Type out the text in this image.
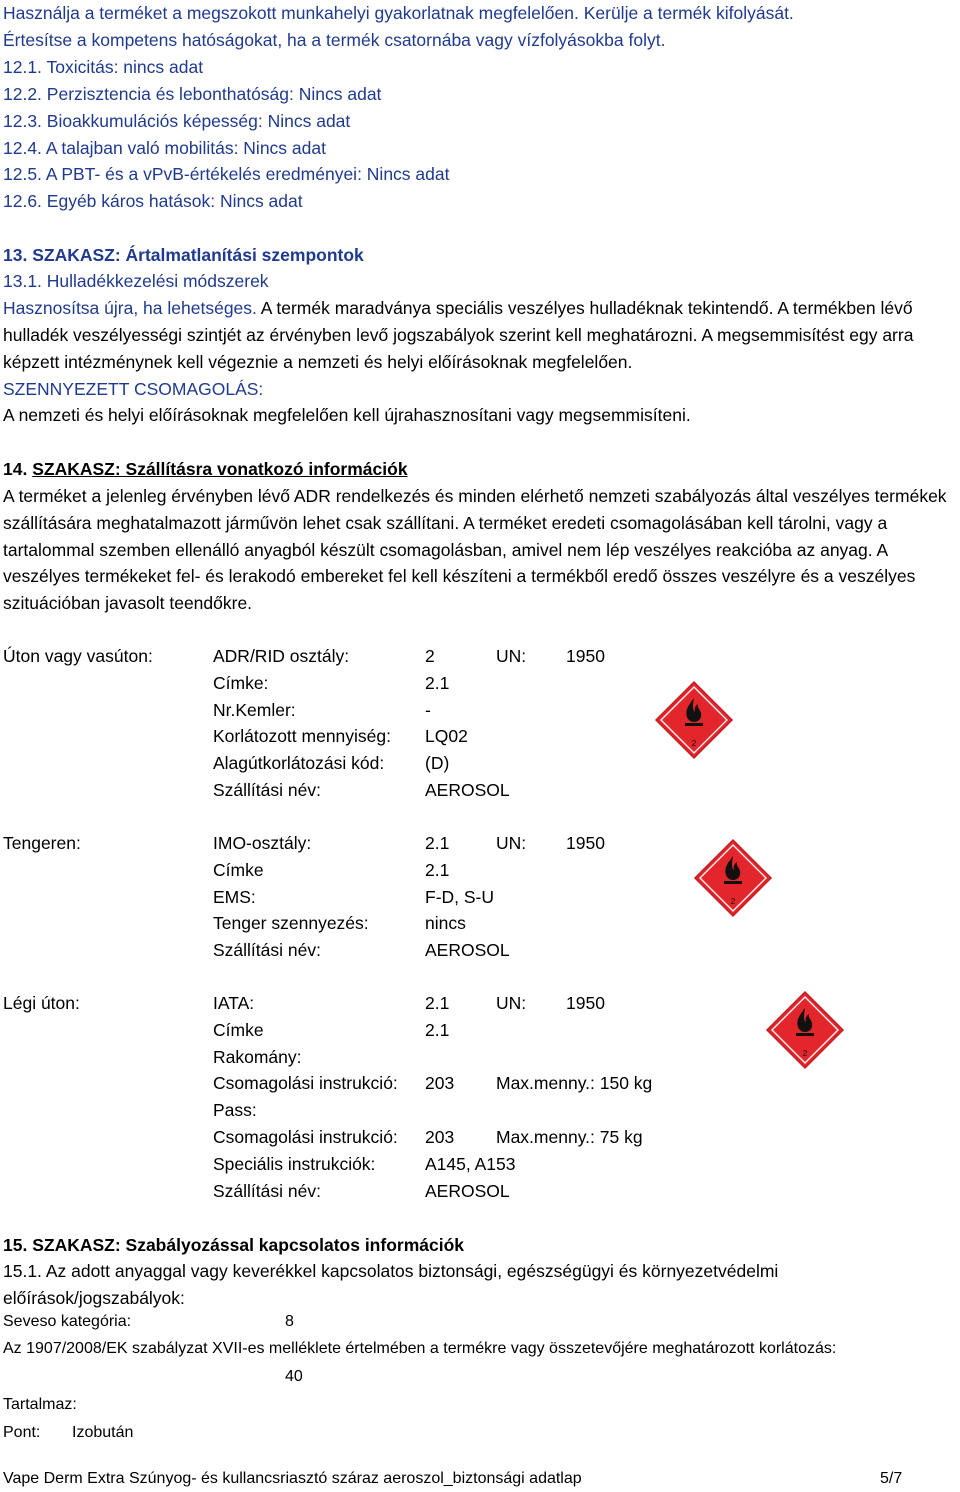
Használja a terméket a megszokott munkahelyi gyakorlatnak megfelelően. Kerülje a termék kifolyását.
Értesítse a kompetens hatóságokat, ha a termék csatornába vagy vízfolyásokba folyt.
12.1. Toxicitás: nincs adat
12.2. Perzisztencia és lebonthatóság: Nincs adat
12.3. Bioakkumulációs képesség: Nincs adat
12.4. A talajban való mobilitás: Nincs adat
12.5. A PBT- és a vPvB-értékelés eredményei: Nincs adat
12.6. Egyéb káros hatások: Nincs adat
13. SZAKASZ: Ártalmatlanítási szempontok
13.1. Hulladékkezelési módszerek
Hasznosítsa újra, ha lehetséges. A termék maradványa speciális veszélyes hulladéknak tekintendő. A termékben lévő hulladék veszélyességi szintjét az érvényben levő jogszabályok szerint kell meghatározni. A megsemmisítést egy arra képzett intézménynek kell végeznie a nemzeti és helyi előírásoknak megfelelően.
SZENNYEZETT CSOMAGOLÁS:
A nemzeti és helyi előírásoknak megfelelően kell újrahasznosítani vagy megsemmisíteni.
14. SZAKASZ: Szállításra vonatkozó információk
A terméket a jelenleg érvényben lévő ADR rendelkezés és minden elérhető nemzeti szabályozás által veszélyes termékek szállítására meghatalmazott járművön lehet csak szállítani. A terméket eredeti csomagolásában kell tárolni, vagy a tartalommal szemben ellenálló anyagból készült csomagolásban, amivel nem lép veszélyes reakcióba az anyag. A veszélyes termékeket fel- és lerakodó embereket fel kell készíteni a termékből eredő összes veszélyre és a veszélyes szituációban javasolt teendőkre.
Úton vagy vasúton:	ADR/RID osztály:	2	UN: 1950
Címke:	2.1
Nr.Kemler:	-
Korlátozott mennyiség: LQ02
Alagútkorlátozási kód: (D)
Szállítási név:	AEROSOL
Tengeren:	IMO-osztály:	2.1	UN: 1950
Címke	2.1
EMS:	F-D, S-U
Tenger szennyezés:	nincs
Szállítási név:	AEROSOL
Légi úton:	IATA:	2.1	UN: 1950
Címke	2.1
Rakomány:
Csomagolási instrukció: 203 Max.menny.: 150 kg
Pass:
Csomagolási instrukció: 203 Max.menny.: 75 kg
Speciális instrukciók:	A145, A153
Szállítási név:	AEROSOL
2
2
2
15. SZAKASZ: Szabályozással kapcsolatos információk
15.1. Az adott anyaggal vagy keverékkel kapcsolatos biztonsági, egészségügyi és környezetvédelmi előírások/jogszabályok:
Seveso kategória:	8
Az 1907/2008/EK szabályzat XVII-es melléklete értelmében a termékre vagy összetevőjére meghatározott korlátozás:
40
Tartalmaz:
Pont: Izobután
Vape Derm Extra Szúnyog- és kullancsriasztó száraz aeroszol_biztonsági adatlap	5/7
